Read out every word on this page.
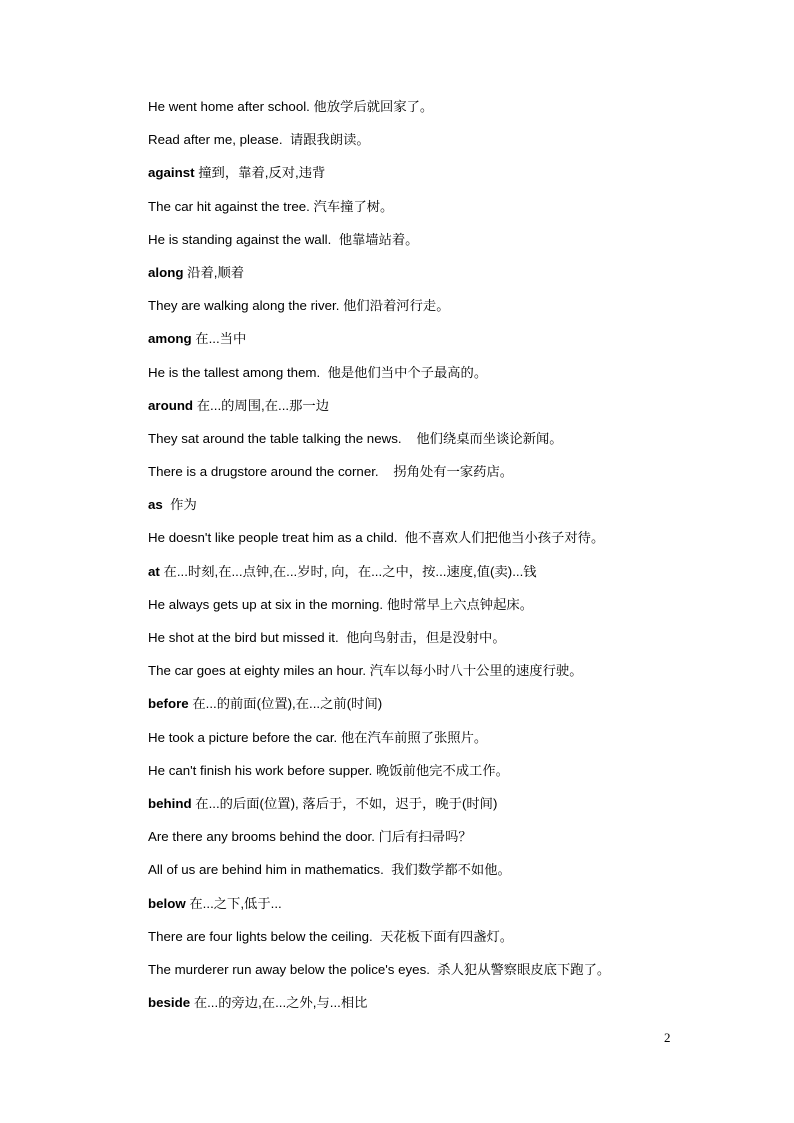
He went home after school. 他放学后就回家了。
Read after me, please.  请跟我朗读。
against 撞到，靠着,反对,违背
The car hit against the tree. 汽车撞了树。
He is standing against the wall.  他靠墙站着。
along 沿着,顺着
They are walking along the river. 他们沿着河行走。
among 在...当中
He is the tallest among them.  他是他们当中个子最高的。
around 在...的周围,在...那一边
They sat around the table talking the news.    他们绕桌而坐谈论新闻。
There is a drugstore around the corner.    拐角处有一家药店。
as  作为
He doesn't like people treat him as a child.  他不喜欢人们把他当小孩子对待。
at 在...时刻,在...点钟,在...岁时, 向，在...之中，按...速度,值(卖)...钱
He always gets up at six in the morning. 他时常早上六点钟起床。
He shot at the bird but missed it.  他向鸟射击，但是没射中。
The car goes at eighty miles an hour. 汽车以每小时八十公里的速度行驶。
before 在...的前面(位置),在...之前(时间)
He took a picture before the car. 他在汽车前照了张照片。
He can't finish his work before supper. 晚饭前他完不成工作。
behind 在...的后面(位置), 落后于，不如，迟于，晚于(时间)
Are there any brooms behind the door. 门后有扫帚吗？
All of us are behind him in mathematics.  我们数学都不如他。
below 在...之下,低于...
There are four lights below the ceiling.  天花板下面有四盏灯。
The murderer run away below the police's eyes.  杀人犯从警察眼皮底下跑了。
beside 在...的旁边,在...之外,与...相比
2
